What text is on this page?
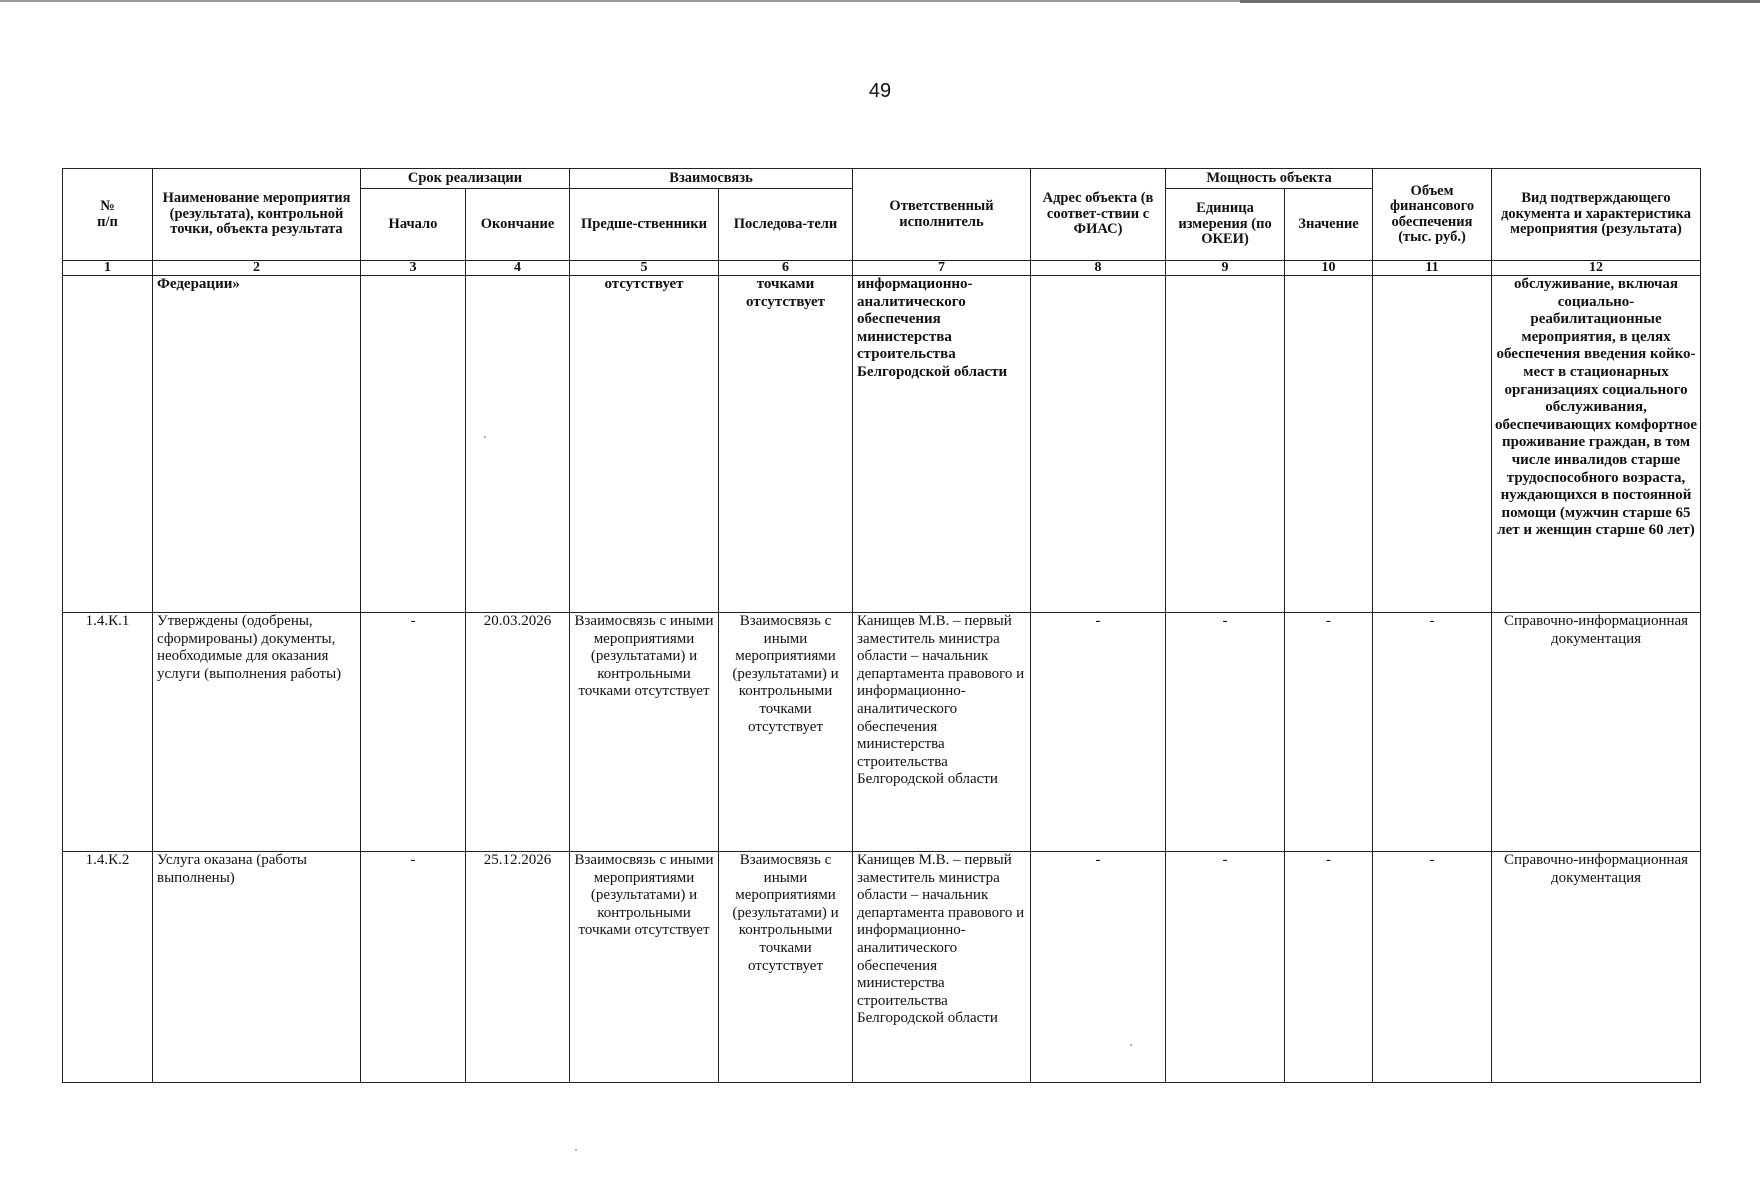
49
№
п/п	Наименование мероприятия (результата), контрольной точки, объекта результата	Срок реализации		Взаимосвязь		Ответственный исполнитель	Адрес объекта (в соответ-ствии с ФИАС)	Мощность объекта		Объем финансового обеспечения (тыс. руб.)	Вид подтверждающего документа и характеристика мероприятия (результата)
		Начало	Окончание	Предше-ственники	Последова-тели			Единица измерения (по ОКЕИ)	Значение		
1	2	3	4	5	6	7	8	9	10	11	12
	Федерации»			отсутствует	точками отсутствует	информационно-аналитического обеспечения министерства строительства Белгородской области					обслуживание, включая социально-реабилитационные мероприятия, в целях обеспечения введения койко-мест в стационарных организациях социального обслуживания, обеспечивающих комфортное проживание граждан, в том числе инвалидов старше трудоспособного возраста, нуждающихся в постоянной помощи (мужчин старше 65 лет и женщин старше 60 лет)
1.4.К.1	Утверждены (одобрены, сформированы) документы, необходимые для оказания услуги (выполнения работы)	-	20.03.2026	Взаимосвязь с иными мероприятиями (результатами) и контрольными точками отсутствует	Взаимосвязь с иными мероприятиями (результатами) и контрольными точками отсутствует	Канищев М.В. – первый заместитель министра области – начальник департамента правового и информационно-аналитического обеспечения министерства строительства Белгородской области	-	-	-	-	Справочно-информационная документация
1.4.К.2	Услуга оказана (работы выполнены)	-	25.12.2026	Взаимосвязь с иными мероприятиями (результатами) и контрольными точками отсутствует	Взаимосвязь с иными мероприятиями (результатами) и контрольными точками отсутствует	Канищев М.В. – первый заместитель министра области – начальник департамента правового и информационно-аналитического обеспечения министерства строительства Белгородской области	-	-	-	-	Справочно-информационная документация
